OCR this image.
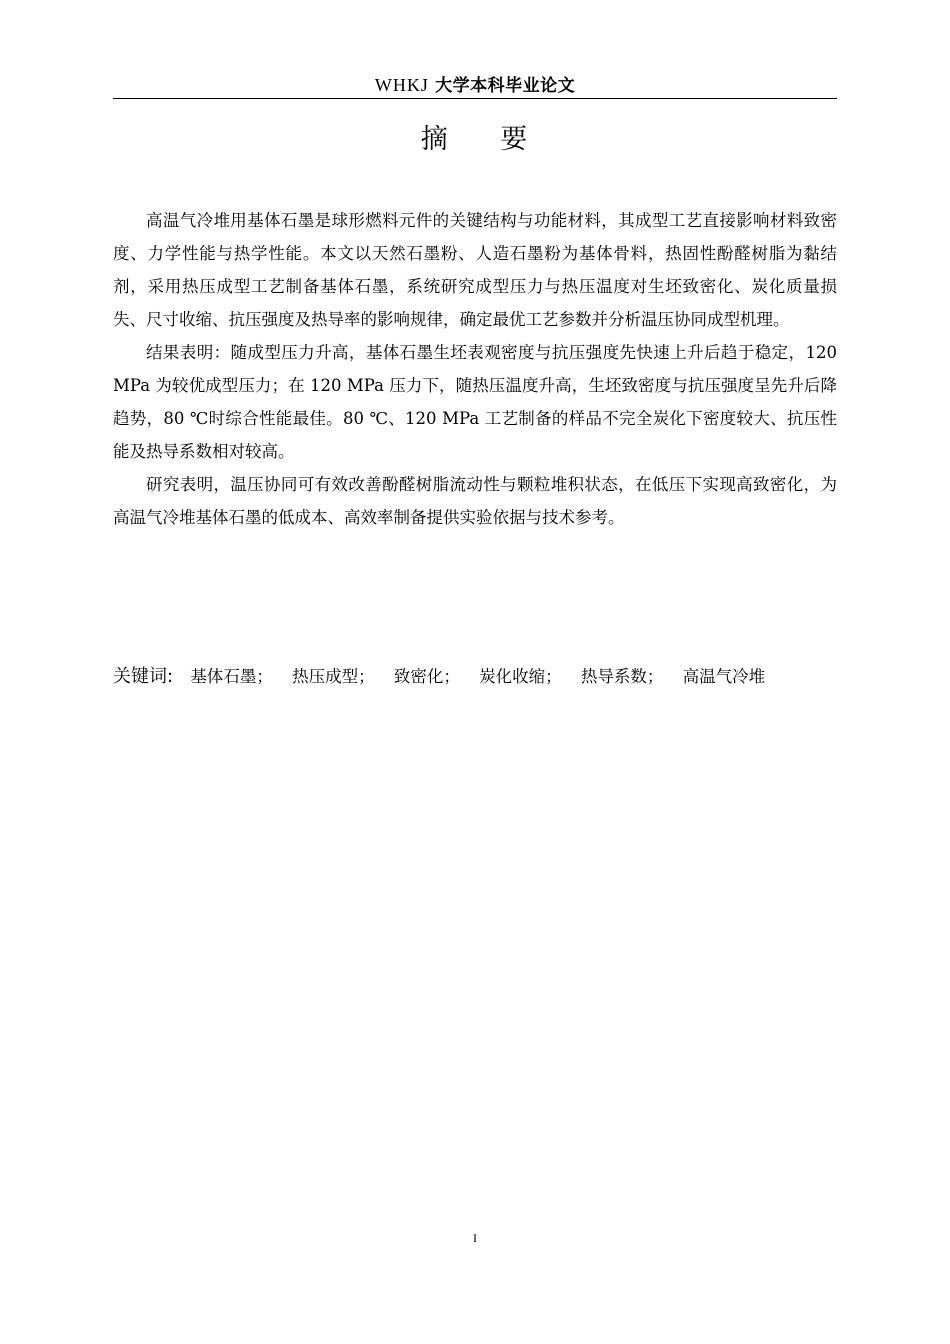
WHKJ 大学本科毕业论文
摘 要

高温气冷堆用基体石墨是球形燃料元件的关键结构与功能材料，其成型工艺直接影响材料致密度、力学性能与热学性能。本文以天然石墨粉、人造石墨粉为基体骨料，热固性酚醛树脂为黏结剂，采用热压成型工艺制备基体石墨，系统研究成型压力与热压温度对生坯致密化、炭化质量损失、尺寸收缩、抗压强度及热导率的影响规律，确定最优工艺参数并分析温压协同成型机理。

结果表明：随成型压力升高，基体石墨生坯表观密度与抗压强度先快速上升后趋于稳定，120 MPa 为较优成型压力；在 120 MPa 压力下，随热压温度升高，生坯致密度与抗压强度呈先升后降趋势，80 ℃时综合性能最佳。80 ℃、120 MPa 工艺制备的样品不完全炭化下密度较大、抗压性能及热导系数相对较高。

研究表明，温压协同可有效改善酚醛树脂流动性与颗粒堆积状态，在低压下实现高致密化，为高温气冷堆基体石墨的低成本、高效率制备提供实验依据与技术参考。

关键词: 基体石墨； 热压成型； 致密化； 炭化收缩； 热导系数； 高温气冷堆
I
